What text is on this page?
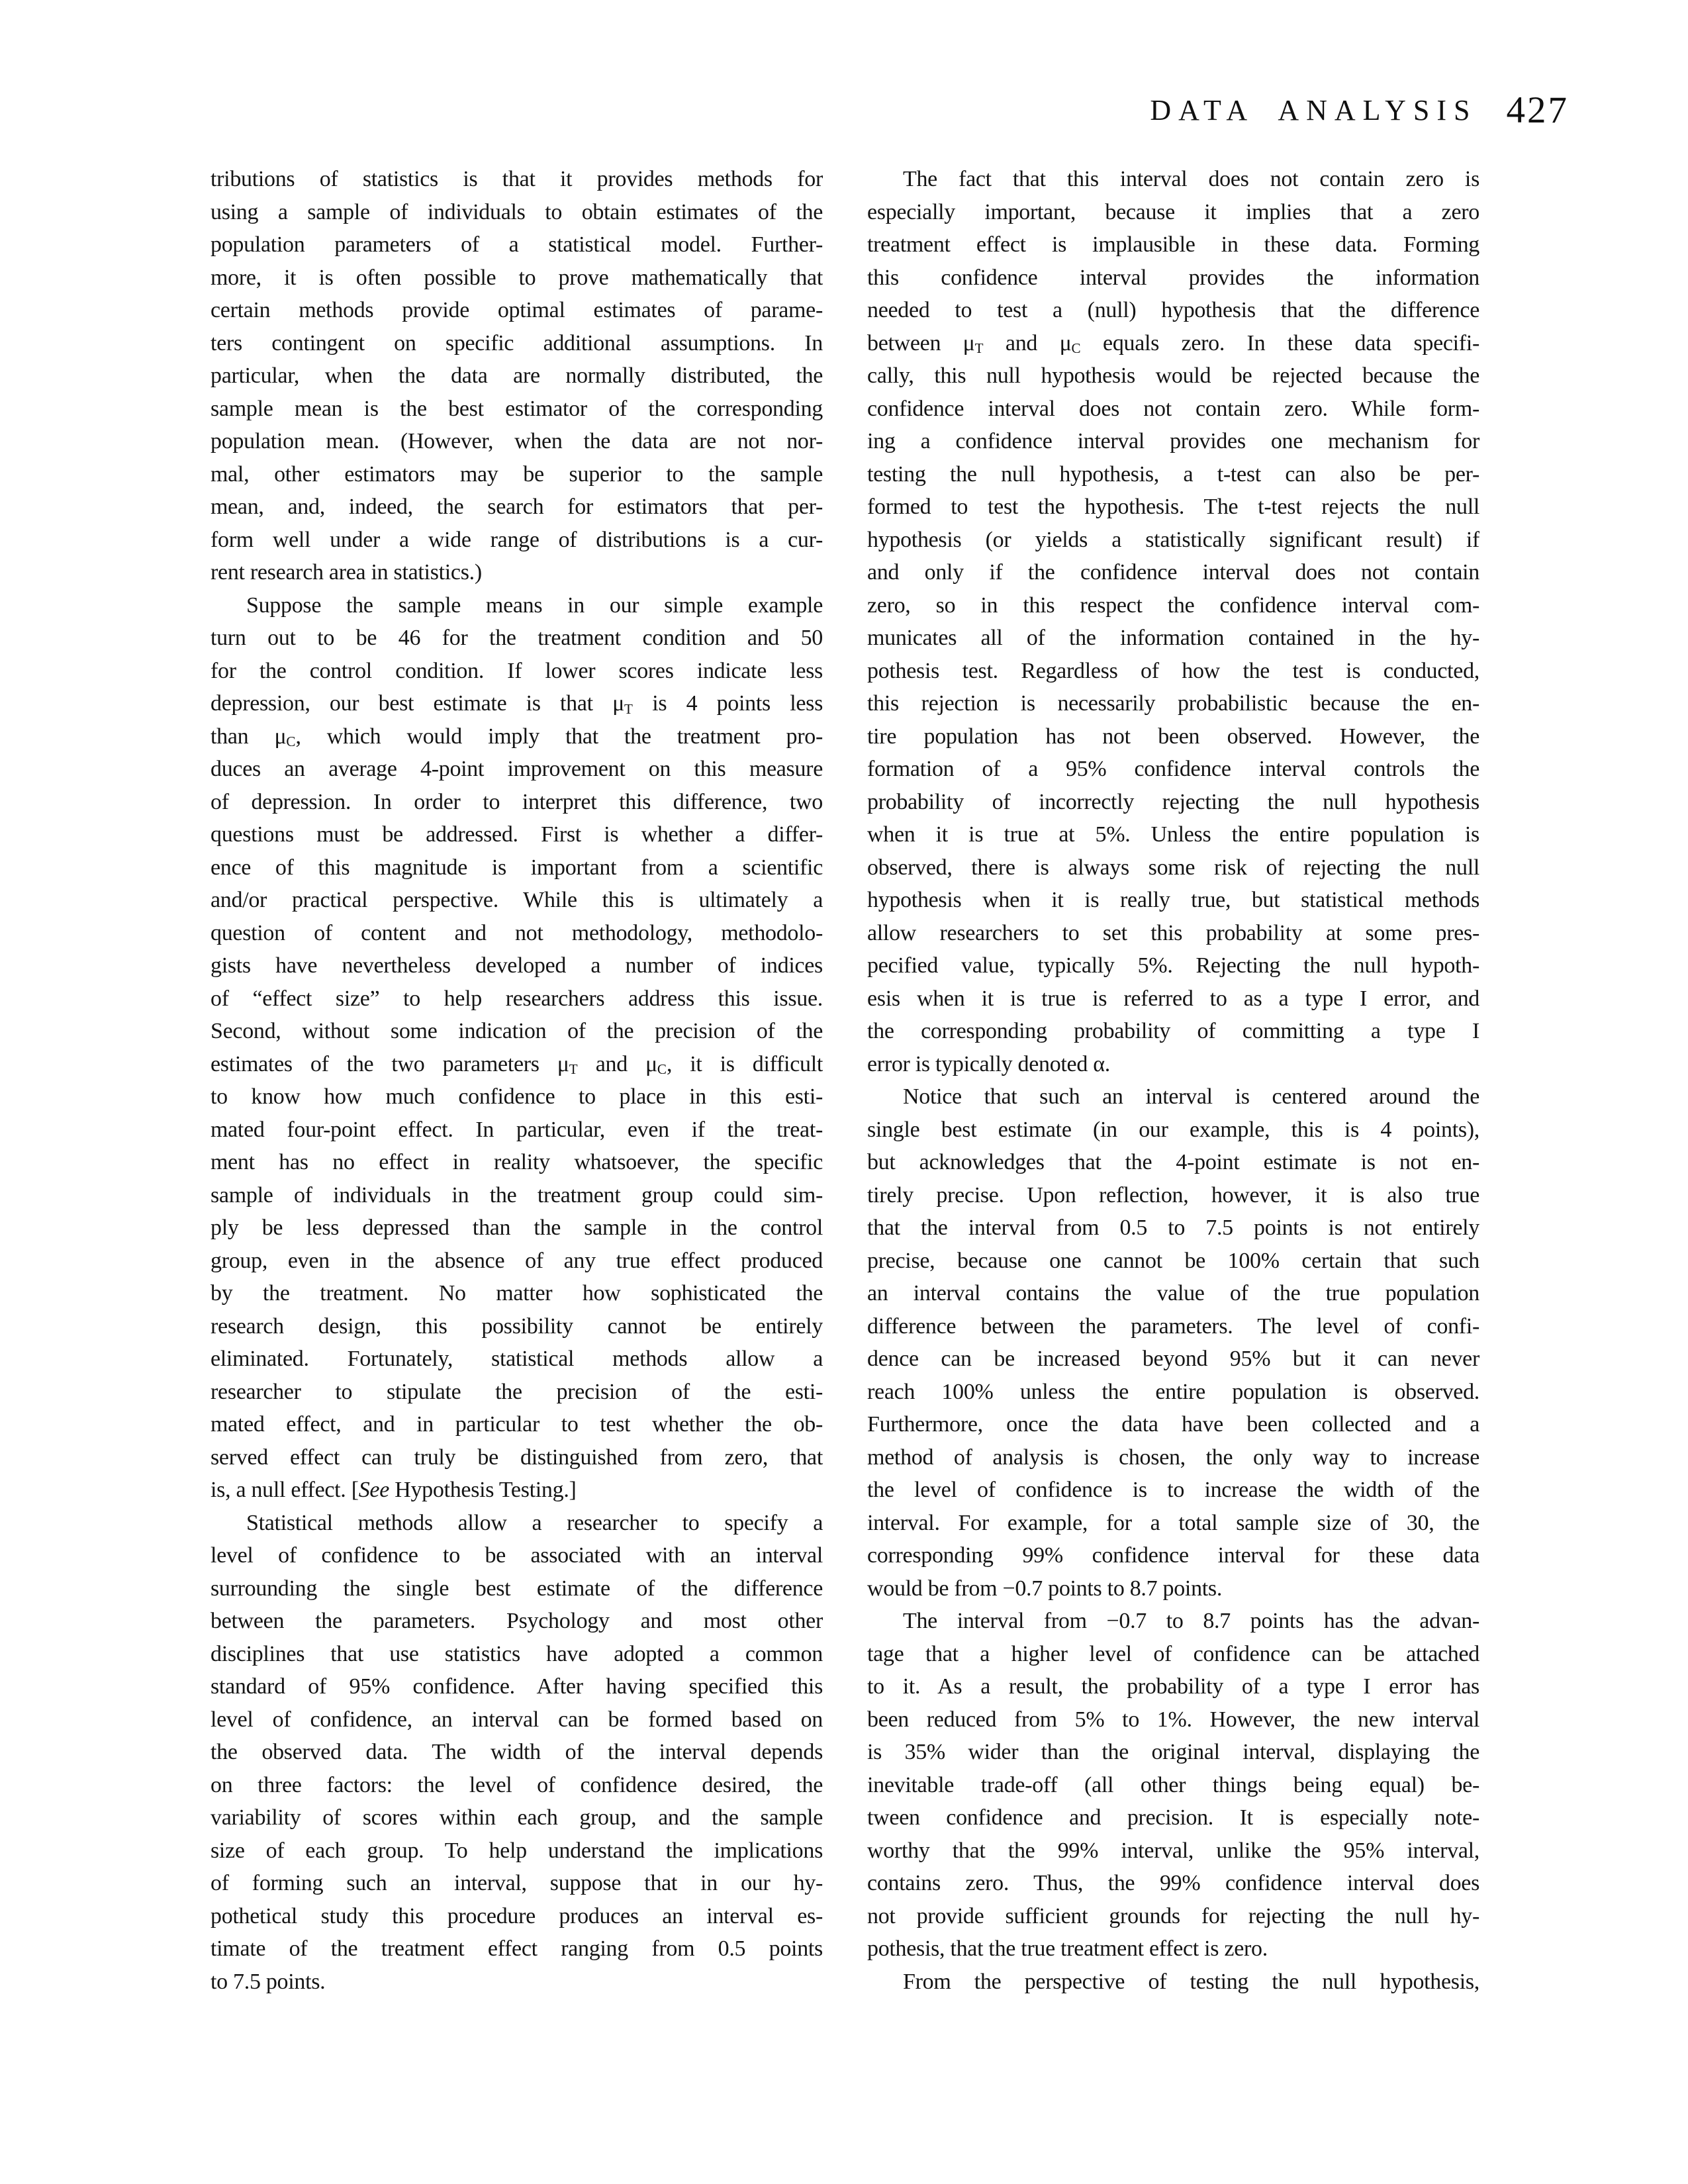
DATA ANALYSIS 427
tributions of statistics is that it provides methods for
using a sample of individuals to obtain estimates of the
population parameters of a statistical model. Further-
more, it is often possible to prove mathematically that
certain methods provide optimal estimates of parame-
ters contingent on specific additional assumptions. In
particular, when the data are normally distributed, the
sample mean is the best estimator of the corresponding
population mean. (However, when the data are not nor-
mal, other estimators may be superior to the sample
mean, and, indeed, the search for estimators that per-
form well under a wide range of distributions is a cur-
rent research area in statistics.)
Suppose the sample means in our simple example
turn out to be 46 for the treatment condition and 50
for the control condition. If lower scores indicate less
depression, our best estimate is that $\mu_T$ is 4 points less
than $\mu_C$, which would imply that the treatment pro-
duces an average 4-point improvement on this measure
of depression. In order to interpret this difference, two
questions must be addressed. First is whether a differ-
ence of this magnitude is important from a scientific
and/or practical perspective. While this is ultimately a
question of content and not methodology, methodolo-
gists have nevertheless developed a number of indices
of “effect size” to help researchers address this issue.
Second, without some indication of the precision of the
estimates of the two parameters $\mu_T$ and $\mu_C$, it is difficult
to know how much confidence to place in this esti-
mated four-point effect. In particular, even if the treat-
ment has no effect in reality whatsoever, the specific
sample of individuals in the treatment group could sim-
ply be less depressed than the sample in the control
group, even in the absence of any true effect produced
by the treatment. No matter how sophisticated the
research design, this possibility cannot be entirely
eliminated. Fortunately, statistical methods allow a
researcher to stipulate the precision of the esti-
mated effect, and in particular to test whether the ob-
served effect can truly be distinguished from zero, that
is, a null effect. [See Hypothesis Testing.]
Statistical methods allow a researcher to specify a
level of confidence to be associated with an interval
surrounding the single best estimate of the difference
between the parameters. Psychology and most other
disciplines that use statistics have adopted a common
standard of 95% confidence. After having specified this
level of confidence, an interval can be formed based on
the observed data. The width of the interval depends
on three factors: the level of confidence desired, the
variability of scores within each group, and the sample
size of each group. To help understand the implications
of forming such an interval, suppose that in our hy-
pothetical study this procedure produces an interval es-
timate of the treatment effect ranging from 0.5 points
to 7.5 points.
The fact that this interval does not contain zero is
especially important, because it implies that a zero
treatment effect is implausible in these data. Forming
this confidence interval provides the information
needed to test a (null) hypothesis that the difference
between $\mu_T$ and $\mu_C$ equals zero. In these data specifi-
cally, this null hypothesis would be rejected because the
confidence interval does not contain zero. While form-
ing a confidence interval provides one mechanism for
testing the null hypothesis, a t-test can also be per-
formed to test the hypothesis. The t-test rejects the null
hypothesis (or yields a statistically significant result) if
and only if the confidence interval does not contain
zero, so in this respect the confidence interval com-
municates all of the information contained in the hy-
pothesis test. Regardless of how the test is conducted,
this rejection is necessarily probabilistic because the en-
tire population has not been observed. However, the
formation of a 95% confidence interval controls the
probability of incorrectly rejecting the null hypothesis
when it is true at 5%. Unless the entire population is
observed, there is always some risk of rejecting the null
hypothesis when it is really true, but statistical methods
allow researchers to set this probability at some pres-
pecified value, typically 5%. Rejecting the null hypoth-
esis when it is true is referred to as a type I error, and
the corresponding probability of committing a type I
error is typically denoted α.
Notice that such an interval is centered around the
single best estimate (in our example, this is 4 points),
but acknowledges that the 4-point estimate is not en-
tirely precise. Upon reflection, however, it is also true
that the interval from 0.5 to 7.5 points is not entirely
precise, because one cannot be 100% certain that such
an interval contains the value of the true population
difference between the parameters. The level of confi-
dence can be increased beyond 95% but it can never
reach 100% unless the entire population is observed.
Furthermore, once the data have been collected and a
method of analysis is chosen, the only way to increase
the level of confidence is to increase the width of the
interval. For example, for a total sample size of 30, the
corresponding 99% confidence interval for these data
would be from −0.7 points to 8.7 points.
The interval from −0.7 to 8.7 points has the advan-
tage that a higher level of confidence can be attached
to it. As a result, the probability of a type I error has
been reduced from 5% to 1%. However, the new interval
is 35% wider than the original interval, displaying the
inevitable trade-off (all other things being equal) be-
tween confidence and precision. It is especially note-
worthy that the 99% interval, unlike the 95% interval,
contains zero. Thus, the 99% confidence interval does
not provide sufficient grounds for rejecting the null hy-
pothesis, that the true treatment effect is zero.
From the perspective of testing the null hypothesis,
